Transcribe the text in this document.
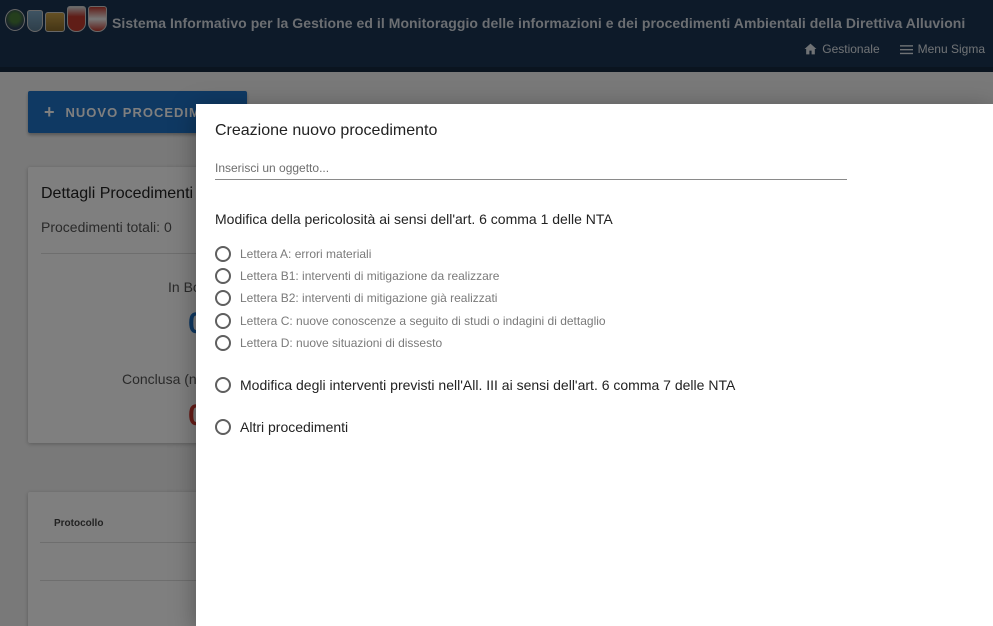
Creazione nuovo procedimento
Inserisci un oggetto...
Modifica della pericolosità ai sensi dell'art. 6 comma 1 delle NTA
Lettera A: errori materiali
Lettera B1: interventi di mitigazione da realizzare
Lettera B2: interventi di mitigazione già realizzati
Lettera C: nuove conoscenze a seguito di studi o indagini di dettaglio
Lettera D: nuove situazioni di dissesto
Modifica degli interventi previsti nell'All. III ai sensi dell'art. 6 comma 7 delle NTA
Altri procedimenti
